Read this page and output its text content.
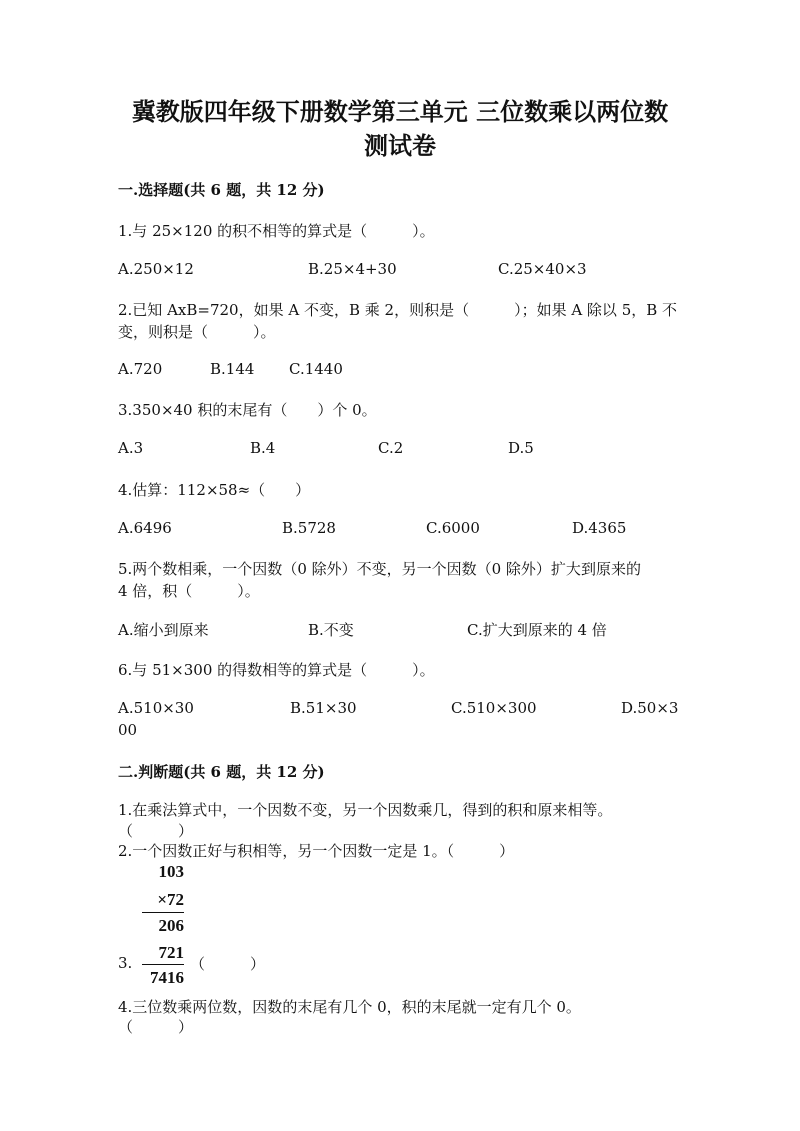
冀教版四年级下册数学第三单元 三位数乘以两位数
测试卷
一.选择题(共 6 题，共 12 分)
1.与 25×120 的积不相等的算式是（　　　）。
A.250×12	B.25×4+30	C.25×40×3
2.已知 AxB=720，如果 A 不变，B 乘 2，则积是（　　　）；如果 A 除以 5，B 不
变，则积是（　　　）。
A.720	B.144 C.1440
3.350×40 积的末尾有（　　）个 0。
A.3	B.4	C.2	D.5
4.估算：112×58≈（　　）
A.6496	B.5728	C.6000	D.4365
5.两个数相乘，一个因数（0 除外）不变，另一个因数（0 除外）扩大到原来的
4 倍，积（　　　）。
A.缩小到原来	B.不变	C.扩大到原来的 4 倍
6.与 51×300 的得数相等的算式是（　　　）。
A.510×30	B.51×30	C.510×300	D.50×3
00
二.判断题(共 6 题，共 12 分)
1.在乘法算式中，一个因数不变，另一个因数乘几，得到的积和原来相等。
（　　　）
2.一个因数正好与积相等，另一个因数一定是 1。（　　　）
103
×72
206
721
7416
3.	（　　　）
4.三位数乘两位数，因数的末尾有几个 0，积的末尾就一定有几个 0。
（　　　）
